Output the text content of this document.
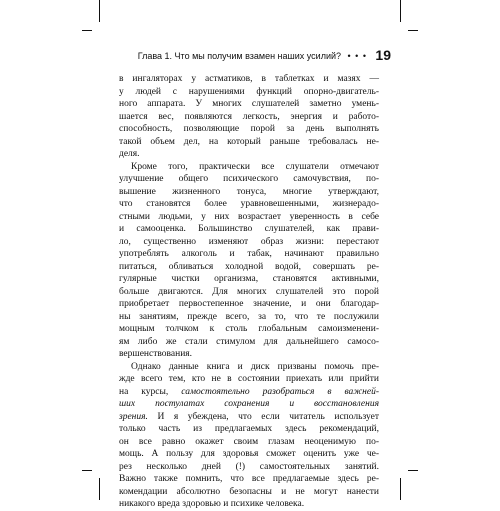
Глава 1. Что мы получим взамен наших усилий? • • • 19

в ингаляторах у астматиков, в таблетках и мазях —

у людей с нарушениями функций опорно-двигатель-

ного аппарата. У многих слушателей заметно умень-

шается вес, появляются легкость, энергия и работо-

способность, позволяющие порой за день выполнять

такой объем дел, на который раньше требовалась не-

деля.

Кроме того, практически все слушатели отмечают

улучшение общего психического самочувствия, по-

вышение жизненного тонуса, многие утверждают,

что становятся более уравновешенными, жизнерадо-

стными людьми, у них возрастает уверенность в себе

и самооценка. Большинство слушателей, как прави-

ло, существенно изменяют образ жизни: перестают

употреблять алкоголь и табак, начинают правильно

питаться, обливаться холодной водой, совершать ре-

гулярные чистки организма, становятся активными,

больше двигаются. Для многих слушателей это порой

приобретает первостепенное значение, и они благодар-

ны занятиям, прежде всего, за то, что те послужили

мощным толчком к столь глобальным самоизменени-

ям либо же стали стимулом для дальнейшего самосо-

вершенствования.

Однако данные книга и диск призваны помочь пре-

жде всего тем, кто не в состоянии приехать или прийти

на курсы, самостоятельно разобраться в важней-

ших постулатах сохранения и восстановления

зрения. И я убеждена, что если читатель использует

только часть из предлагаемых здесь рекомендаций,

он все равно окажет своим глазам неоценимую по-

мощь. А пользу для здоровья сможет оценить уже че-

рез несколько дней (!) самостоятельных занятий.

Важно также помнить, что все предлагаемые здесь ре-

комендации абсолютно безопасны и не могут нанести

никакого вреда здоровью и психике человека.
